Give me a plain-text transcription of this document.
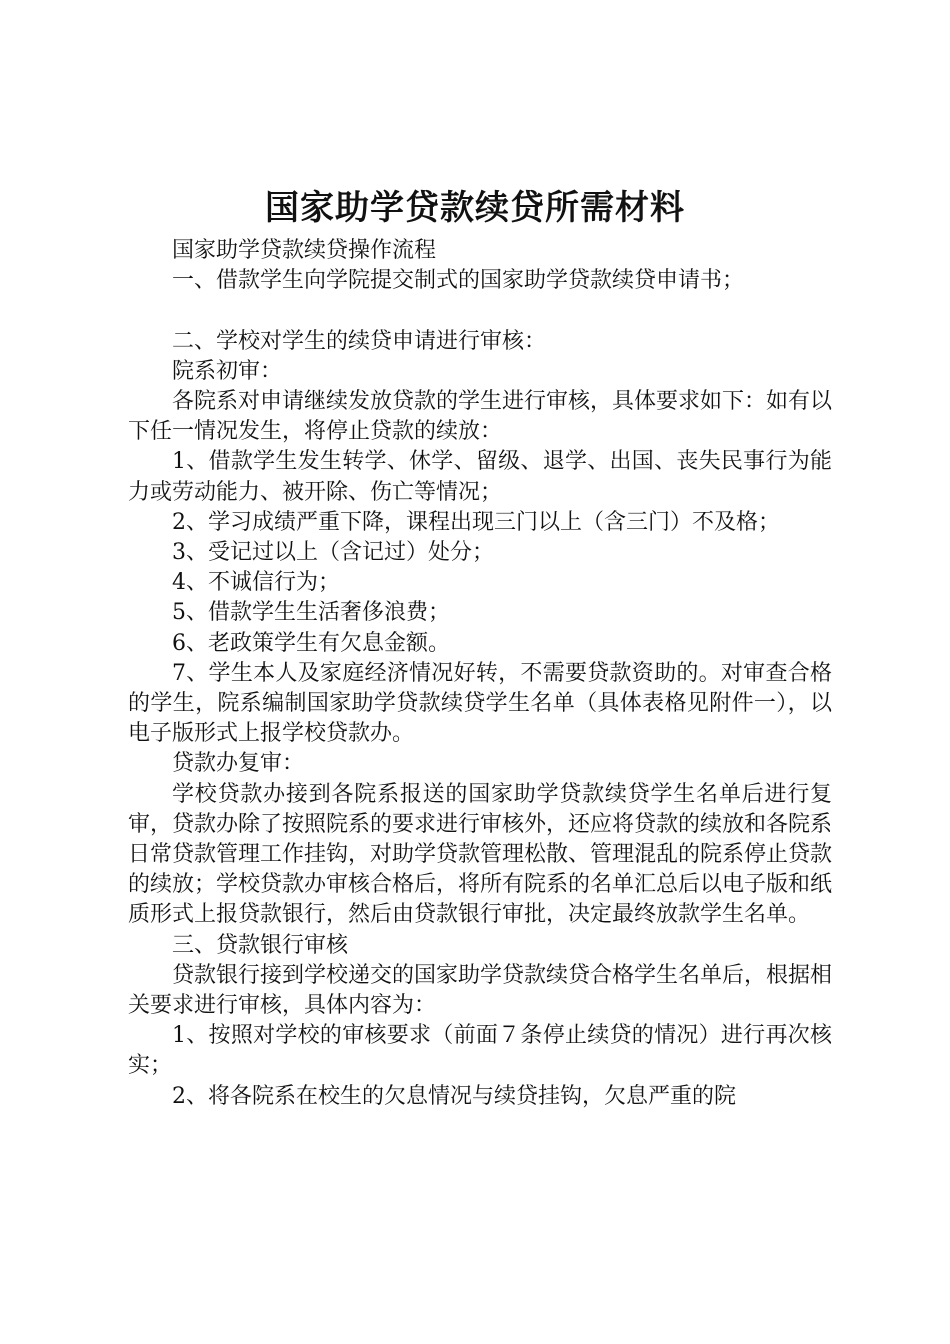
国家助学贷款续贷所需材料

国家助学贷款续贷操作流程

一、借款学生向学院提交制式的国家助学贷款续贷申请书；

二、学校对学生的续贷申请进行审核：

院系初审：

各院系对申请继续发放贷款的学生进行审核，具体要求如下：如有以下任一情况发生，将停止贷款的续放：

1、借款学生发生转学、休学、留级、退学、出国、丧失民事行为能力或劳动能力、被开除、伤亡等情况；

2、学习成绩严重下降，课程出现三门以上（含三门）不及格；

3、受记过以上（含记过）处分；

4、不诚信行为；

5、借款学生生活奢侈浪费；

6、老政策学生有欠息金额。

7、学生本人及家庭经济情况好转，不需要贷款资助的。对审查合格的学生，院系编制国家助学贷款续贷学生名单（具体表格见附件一），以电子版形式上报学校贷款办。

贷款办复审：

学校贷款办接到各院系报送的国家助学贷款续贷学生名单后进行复审，贷款办除了按照院系的要求进行审核外，还应将贷款的续放和各院系日常贷款管理工作挂钩，对助学贷款管理松散、管理混乱的院系停止贷款的续放；学校贷款办审核合格后，将所有院系的名单汇总后以电子版和纸质形式上报贷款银行，然后由贷款银行审批，决定最终放款学生名单。

三、贷款银行审核

贷款银行接到学校递交的国家助学贷款续贷合格学生名单后，根据相关要求进行审核，具体内容为：

1、按照对学校的审核要求（前面７条停止续贷的情况）进行再次核实；

2、将各院系在校生的欠息情况与续贷挂钩，欠息严重的院
